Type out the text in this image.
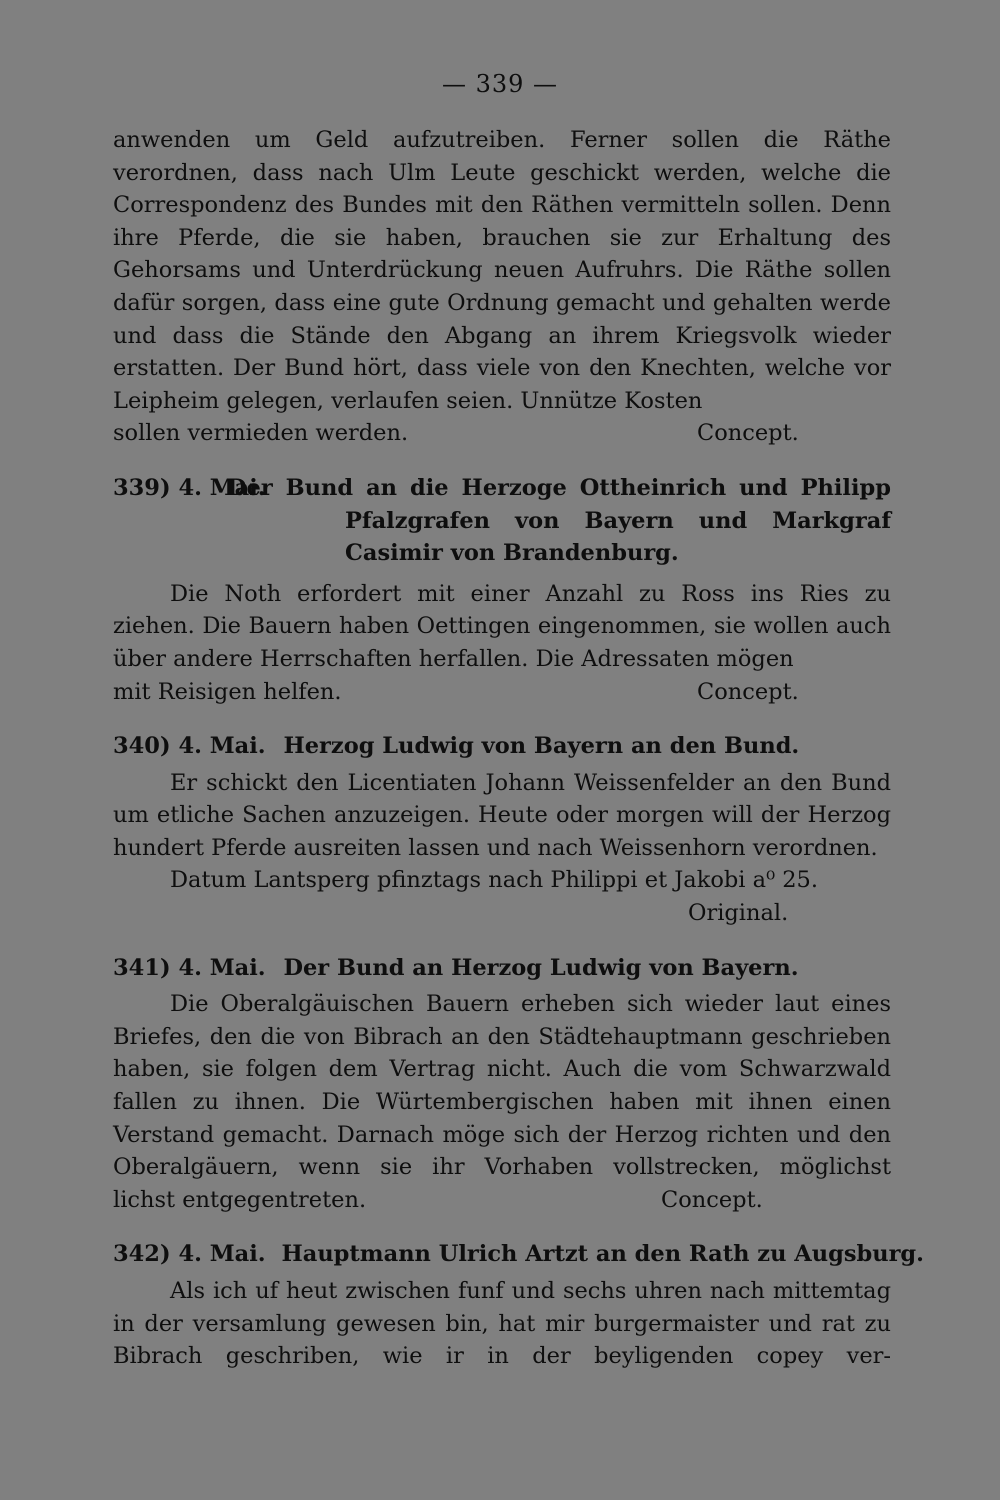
— 339 —

anwenden um Geld aufzutreiben. Ferner sollen die Räthe verordnen, dass nach Ulm Leute geschickt werden, welche die Correspondenz des Bundes mit den Räthen vermitteln sollen. Denn ihre Pferde, die sie haben, brauchen sie zur Erhaltung des Gehorsams und Unterdrückung neuen Aufruhrs. Die Räthe sollen dafür sorgen, dass eine gute Ordnung gemacht und gehalten werde und dass die Stände den Abgang an ihrem Kriegsvolk wieder erstatten. Der Bund hört, dass viele von den Knechten, welche vor Leipheim gelegen, verlaufen seien. Unnütze Kosten

sollen vermieden werden.	Concept.
339) 4. Mai.
Der Bund an die Herzoge Ottheinrich und Philipp Pfalzgrafen von Bayern und Markgraf Casimir von Brandenburg.

Die Noth erfordert mit einer Anzahl zu Ross ins Ries zu ziehen. Die Bauern haben Oettingen eingenommen, sie wollen auch über andere Herrschaften herfallen. Die Adressaten mögen

mit Reisigen helfen.	Concept.
340) 4. Mai. Herzog Ludwig von Bayern an den Bund.

Er schickt den Licentiaten Johann Weissenfelder an den Bund um etliche Sachen anzuzeigen. Heute oder morgen will der Herzog hundert Pferde ausreiten lassen und nach Weissenhorn verordnen.

Datum Lantsperg pfinztags nach Philippi et Jakobi a⁰ 25.

Original.
341) 4. Mai. Der Bund an Herzog Ludwig von Bayern.

Die Oberalgäuischen Bauern erheben sich wieder laut eines Briefes, den die von Bibrach an den Städtehauptmann geschrieben haben, sie folgen dem Vertrag nicht. Auch die vom Schwarzwald fallen zu ihnen. Die Würtembergischen haben mit ihnen einen Verstand gemacht. Darnach möge sich der Herzog richten und den Oberalgäuern, wenn sie ihr Vorhaben vollstrecken, möglichst

lichst entgegentreten.	Concept.
342) 4. Mai. Hauptmann Ulrich Artzt an den Rath zu Augsburg.

Als ich uf heut zwischen funf und sechs uhren nach mittemtag in der versamlung gewesen bin, hat mir burgermaister und rat zu Bibrach geschriben, wie ir in der beyligenden copey ver-
